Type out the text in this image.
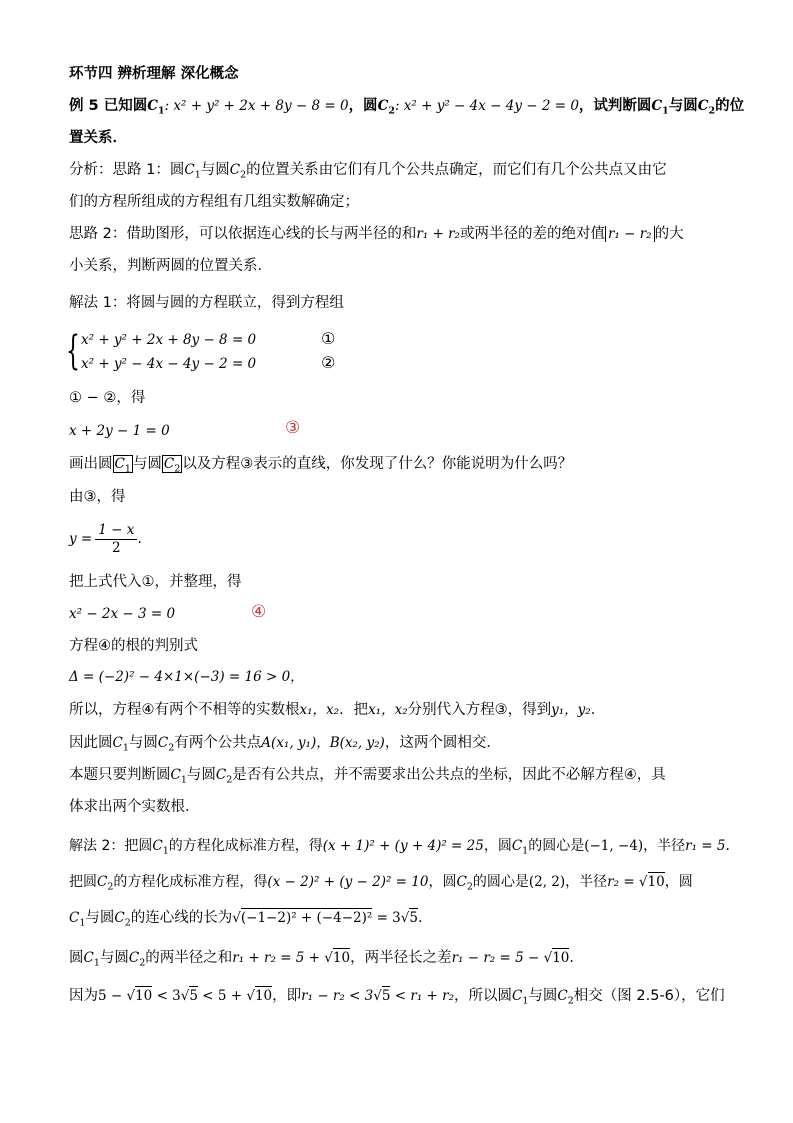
环节四 辨析理解 深化概念
例 5 已知圆$C_1$: x² + y² + 2x + 8y − 8 = 0，圆$C_2$: x² + y² − 4x − 4y − 2 = 0，试判断圆$C_1$与圆$C_2$的位
置关系．
分析：思路 1：圆$C_1$与圆$C_2$的位置关系由它们有几个公共点确定，而它们有几个公共点又由它
们的方程所组成的方程组有几组实数解确定；
思路 2：借助图形，可以依据连心线的长与两半径的和r₁ + r₂或两半径的差的绝对值 r₁ − r₂ 的大
小关系，判断两圆的位置关系．
解法 1：将圆与圆的方程联立，得到方程组
{ x² + y² + 2x + 8y − 8 = 0	①
x² + y² − 4x − 4y − 2 = 0	②
① − ②，得
x + 2y − 1 = 0	③
画出圆 $C_1$ 与圆 $C_2$ 以及方程③表示的直线，你发现了什么？你能说明为什么吗？
由③，得
$y = \frac{1 - x}{2}$ .
把上式代入①，并整理，得
x² − 2x − 3 = 0	④
方程④的根的判别式
Δ = (−2)² − 4×1×(−3) = 16 > 0，
所以，方程④有两个不相等的实数根x₁，x₂．把x₁，x₂分别代入方程③，得到y₁，y₂．
因此圆$C_1$与圆$C_2$有两个公共点A(x₁, y₁)，B(x₂, y₂)，这两个圆相交．
本题只要判断圆$C_1$与圆$C_2$是否有公共点，并不需要求出公共点的坐标，因此不必解方程④，具
体求出两个实数根．
解法 2：把圆$C_1$的方程化成标准方程，得(x + 1)² + (y + 4)² = 25，圆$C_1$的圆心是(−1, −4)，半径r₁ = 5．
把圆$C_2$的方程化成标准方程，得(x − 2)² + (y − 2)² = 10，圆$C_2$的圆心是(2, 2)，半径r₂ = √10，圆
$C_1$与圆$C_2$的连心线的长为√(−1−2)² + (−4−2)² = 3√5．
圆$C_1$与圆$C_2$的两半径之和r₁ + r₂ = 5 + √10，两半径长之差r₁ − r₂ = 5 − √10．
因为5 − √10 < 3√5 < 5 + √10，即r₁ − r₂ < 3√5 < r₁ + r₂，所以圆$C_1$与圆$C_2$相交（图 2.5-6），它们
